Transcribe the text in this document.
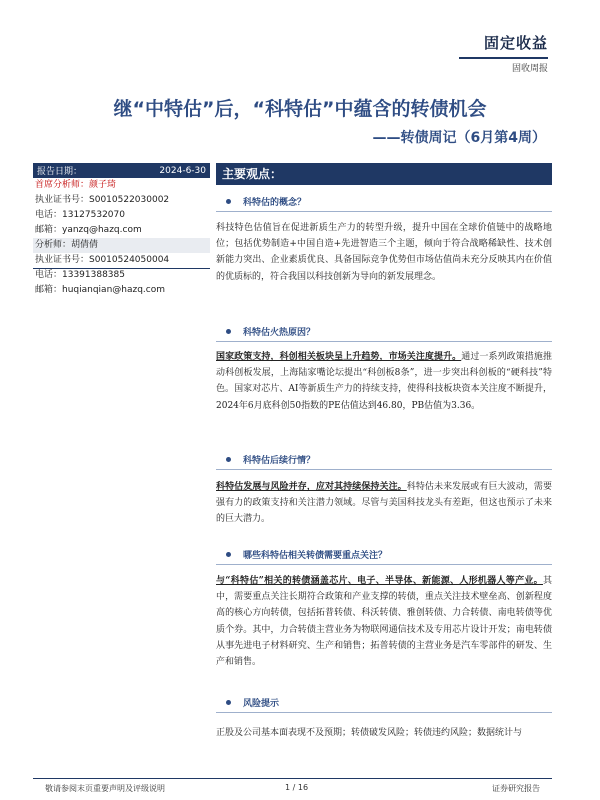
固定收益
固收周报
继“中特估”后，“科特估”中蕴含的转债机会
——转债周记（6月第4周）
报告日期：	2024-6-30
首席分析师：颜子琦
执业证书号：S0010522030002
电话：13127532070
邮箱：yanzq@hazq.com
分析师：胡倩倩
执业证书号：S0010524050004
电话：13391388385
邮箱：huqianqian@hazq.com
主要观点：
科特估的概念？
科技特色估值旨在促进新质生产力的转型升级，提升中国在全球价值链中的战略地位；包括优势制造+中国自造+先进智造三个主题，倾向于符合战略稀缺性、技术创新能力突出、企业素质优良、具备国际竞争优势但市场估值尚未充分反映其内在价值的优质标的，符合我国以科技创新为导向的新发展理念。
科特估火热原因？
国家政策支持，科创相关板块呈上升趋势，市场关注度提升。通过一系列政策措施推动科创板发展，上海陆家嘴论坛提出“科创板8条”，进一步突出科创板的“硬科技”特色。国家对芯片、AI等新质生产力的持续支持，使得科技板块资本关注度不断提升，2024年6月底科创50指数的PE估值达到46.80，PB估值为3.36。
科特估后续行情？
科特估发展与风险并存，应对其持续保持关注。科特估未来发展或有巨大波动，需要强有力的政策支持和关注潜力领域。尽管与美国科技龙头有差距，但这也预示了未来的巨大潜力。
哪些科特估相关转债需要重点关注？
与“科特估”相关的转债涵盖芯片、电子、半导体、新能源、人形机器人等产业。其中，需要重点关注长期符合政策和产业支撑的转债，重点关注技术壁垒高、创新程度高的核心方向转债，包括拓普转债、科沃转债、雅创转债、力合转债、南电转债等优质个券。其中，力合转债主营业务为物联网通信技术及专用芯片设计开发；南电转债从事先进电子材料研究、生产和销售；拓普转债的主营业务是汽车零部件的研发、生产和销售。
风险提示
正股及公司基本面表现不及预期；转债破发风险；转债违约风险；数据统计与
敬请参阅末页重要声明及评级说明	1 / 16	证券研究报告
